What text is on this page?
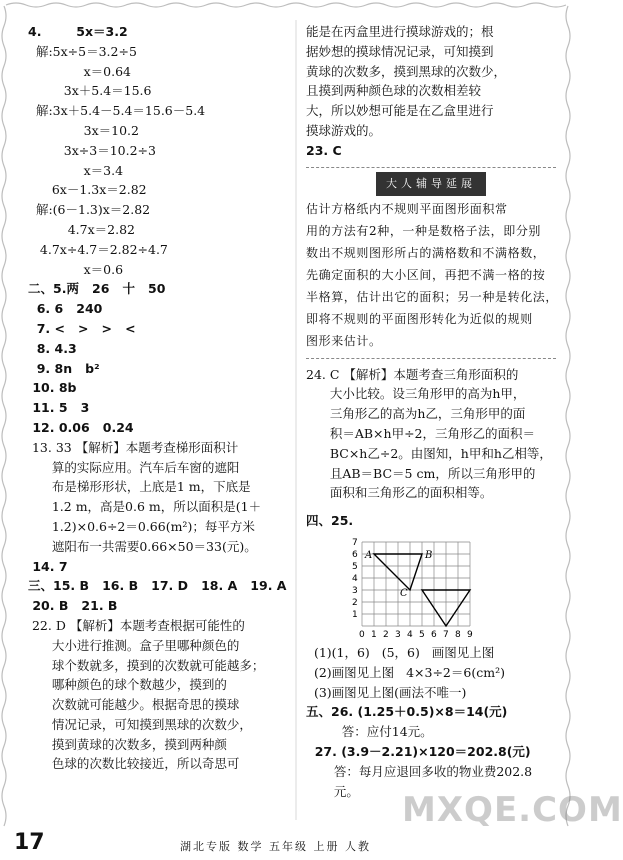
4.        5x＝3.2
解:5x÷5＝3.2÷5
x＝0.64
3x＋5.4＝15.6
解:3x＋5.4－5.4＝15.6－5.4
3x＝10.2
3x÷3＝10.2÷3
x＝3.4
6x－1.3x＝2.82
解:(6－1.3)x＝2.82
4.7x＝2.82
4.7x÷4.7＝2.82÷4.7
x＝0.6
二、5.两   26   十   50
6. 6   240
7. <   >   >   <
8. 4.3
9. 8n   b²
10. 8b
11. 5   3
12. 0.06   0.24
13. 33 【解析】本题考查梯形面积计
算的实际应用。汽车后车窗的遮阳
布是梯形形状，上底是1 m，下底是
1.2 m，高是0.6 m，所以面积是(1＋
1.2)×0.6÷2＝0.66(m²)；每平方米
遮阳布一共需要0.66×50＝33(元)。
14. 7
三、15. B   16. B   17. D   18. A   19. A
20. B   21. B
22. D 【解析】本题考查根据可能性的
大小进行推测。盒子里哪种颜色的
球个数就多，摸到的次数就可能越多；
哪种颜色的球个数越少，摸到的
次数就可能越少。根据奇思的摸球
情况记录，可知摸到黑球的次数少，
摸到黄球的次数多，摸到两种颜
色球的次数比较接近，所以奇思可
能是在丙盒里进行摸球游戏的；根
据妙想的摸球情况记录，可知摸到
黄球的次数多，摸到黑球的次数少，
且摸到两种颜色球的次数相差较
大，所以妙想可能是在乙盒里进行
摸球游戏的。
23. C
大人辅导延展
估计方格纸内不规则平面图形面积常
用的方法有2种，一种是数格子法，即分别
数出不规则图形所占的满格数和不满格数，
先确定面积的大小区间，再把不满一格的按
半格算，估计出它的面积；另一种是转化法，
即将不规则的平面图形转化为近似的规则
图形来估计。
24. C 【解析】本题考查三角形面积的
大小比较。设三角形甲的高为h甲，
三角形乙的高为h乙，三角形甲的面
积＝AB×h甲÷2，三角形乙的面积＝
BC×h乙÷2。由图知，h甲和h乙相等，
且AB＝BC＝5 cm，所以三角形甲的
面积和三角形乙的面积相等。
四、25.
(1)(1，6)   (5，6)   画图见上图
(2)画图见上图   4×3÷2＝6(cm²)
(3)画图见上图(画法不唯一)
五、26. (1.25＋0.5)×8＝14(元)
答：应付14元。
27. (3.9－2.21)×120＝202.8(元)
答：每月应退回多收的物业费202.8
元。
0 1 2 3 4 5 6 7 8 9
1
2
3
4
5
6
7
A	B
C
MXQE.COM
17	湖北专版 数学 五年级 上册 人教
